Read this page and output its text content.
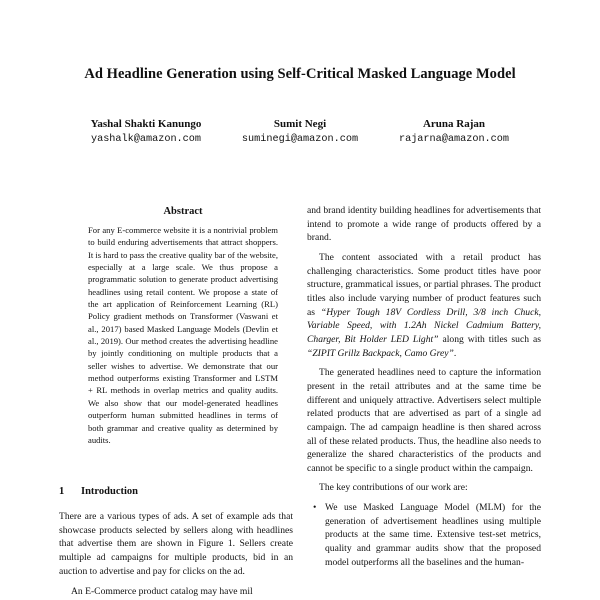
Ad Headline Generation using Self-Critical Masked Language Model
Yashal Shakti Kanungo
yashalk@amazon.com
Sumit Negi
suminegi@amazon.com
Aruna Rajan
rajarna@amazon.com
Abstract
For any E-commerce website it is a nontrivial problem to build enduring advertisements that attract shoppers. It is hard to pass the creative quality bar of the website, especially at a large scale. We thus propose a programmatic solution to generate product advertising headlines using retail content. We propose a state of the art application of Reinforcement Learning (RL) Policy gradient methods on Transformer (Vaswani et al., 2017) based Masked Language Models (Devlin et al., 2019). Our method creates the advertising headline by jointly conditioning on multiple products that a seller wishes to advertise. We demonstrate that our method outperforms existing Transformer and LSTM + RL methods in overlap metrics and quality audits. We also show that our model-generated headlines outperform human submitted headlines in terms of both grammar and creative quality as determined by audits.
1 Introduction

There are a various types of ads. A set of example ads that showcase products selected by sellers along with headlines that advertise them are shown in Figure 1. Sellers create multiple ad campaigns for multiple products, bid in an auction to advertise and pay for clicks on the ad.

An E-Commerce product catalog may have mil

and brand identity building headlines for advertisements that intend to promote a wide range of products offered by a brand.

The content associated with a retail product has challenging characteristics. Some product titles have poor structure, grammatical issues, or partial phrases. The product titles also include varying number of product features such as “Hyper Tough 18V Cordless Drill, 3/8 inch Chuck, Variable Speed, with 1.2Ah Nickel Cadmium Battery, Charger, Bit Holder LED Light” along with titles such as “ZIPIT Grillz Backpack, Camo Grey”.

The generated headlines need to capture the information present in the retail attributes and at the same time be different and uniquely attractive. Advertisers select multiple related products that are advertised as part of a single ad campaign. The ad campaign headline is then shared across all of these related products. Thus, the headline also needs to generalize the shared characteristics of the products and cannot be specific to a single product within the campaign.

The key contributions of our work are:

• We use Masked Language Model (MLM) for the generation of advertisement headlines using multiple products at the same time. Extensive test-set metrics, quality and grammar audits show that the proposed model outperforms all the baselines and the human-
